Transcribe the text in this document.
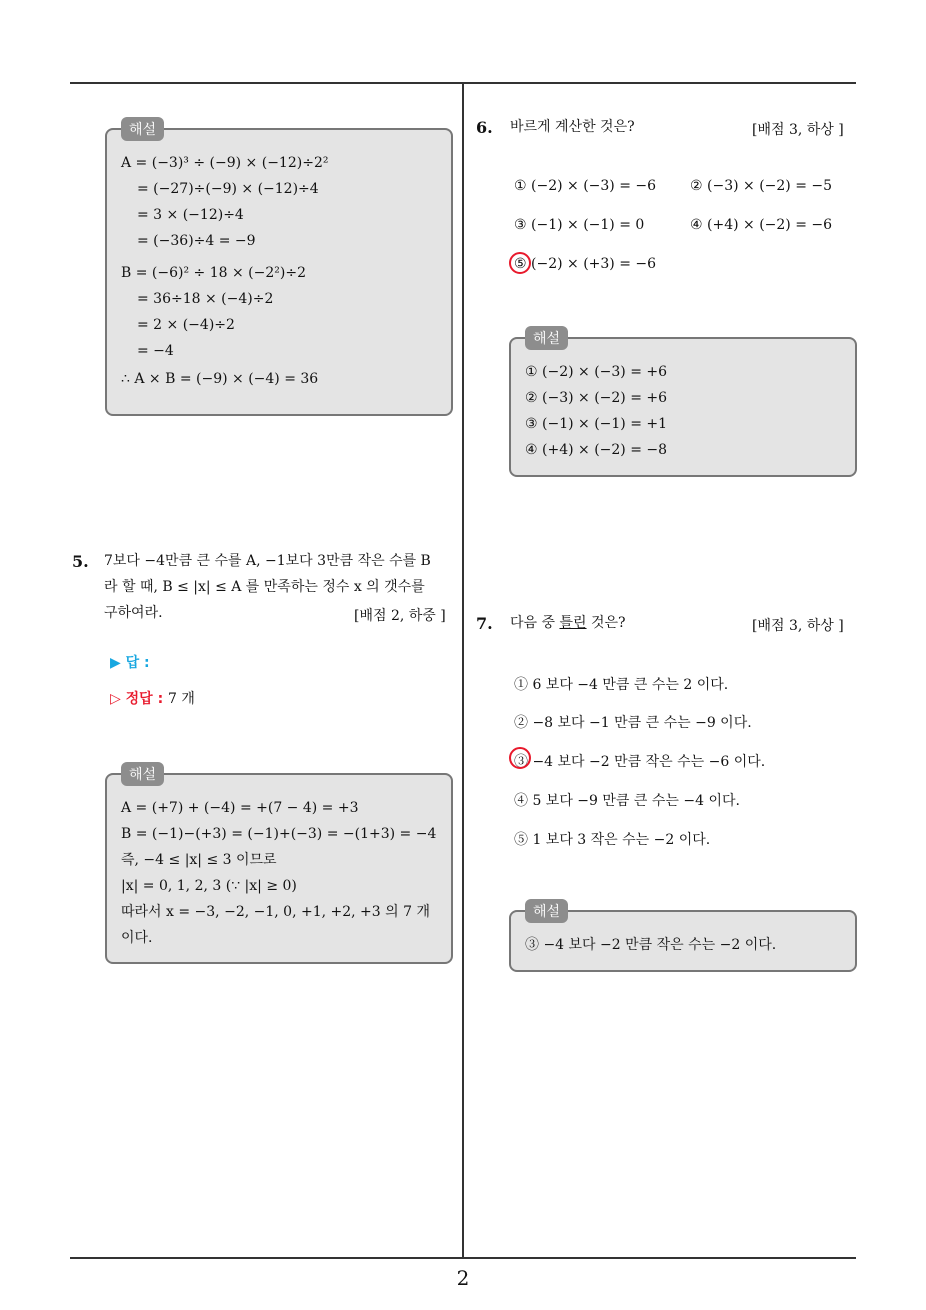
2
해설
A = (−3)³ ÷ (−9) × (−12)÷2²
= (−27)÷(−9) × (−12)÷4
= 3 × (−12)÷4
= (−36)÷4 = −9
B = (−6)² ÷ 18 × (−2²)÷2
= 36÷18 × (−4)÷2
= 2 × (−4)÷2
= −4
∴ A × B = (−9) × (−4) = 36
5. 7보다 −4만큼 큰 수를 A, −1보다 3만큼 작은 수를 B
라 할 때, B ≤ |x| ≤ A 를 만족하는 정수 x 의 갯수를
구하여라.	[배점 2, 하중 ]
▶ 답 :
▷ 정답 : 7 개
해설
A = (+7) + (−4) = +(7 − 4) = +3
B = (−1)−(+3) = (−1)+(−3) = −(1+3) = −4
즉, −4 ≤ |x| ≤ 3 이므로
|x| = 0, 1, 2, 3 (∵ |x| ≥ 0)
따라서 x = −3, −2, −1, 0, +1, +2, +3 의 7 개
이다.
6. 바르게 계산한 것은?	[배점 3, 하상 ]
① (−2) × (−3) = −6 ② (−3) × (−2) = −5
③ (−1) × (−1) = 0	④ (+4) × (−2) = −6
⑤ (−2) × (+3) = −6
해설
① (−2) × (−3) = +6
② (−3) × (−2) = +6
③ (−1) × (−1) = +1
④ (+4) × (−2) = −8
7. 다음 중 틀린 것은?	[배점 3, 하상 ]
① 6 보다 −4 만큼 큰 수는 2 이다.
② −8 보다 −1 만큼 큰 수는 −9 이다.
③ −4 보다 −2 만큼 작은 수는 −6 이다.
④ 5 보다 −9 만큼 큰 수는 −4 이다.
⑤ 1 보다 3 작은 수는 −2 이다.
해설
③ −4 보다 −2 만큼 작은 수는 −2 이다.
